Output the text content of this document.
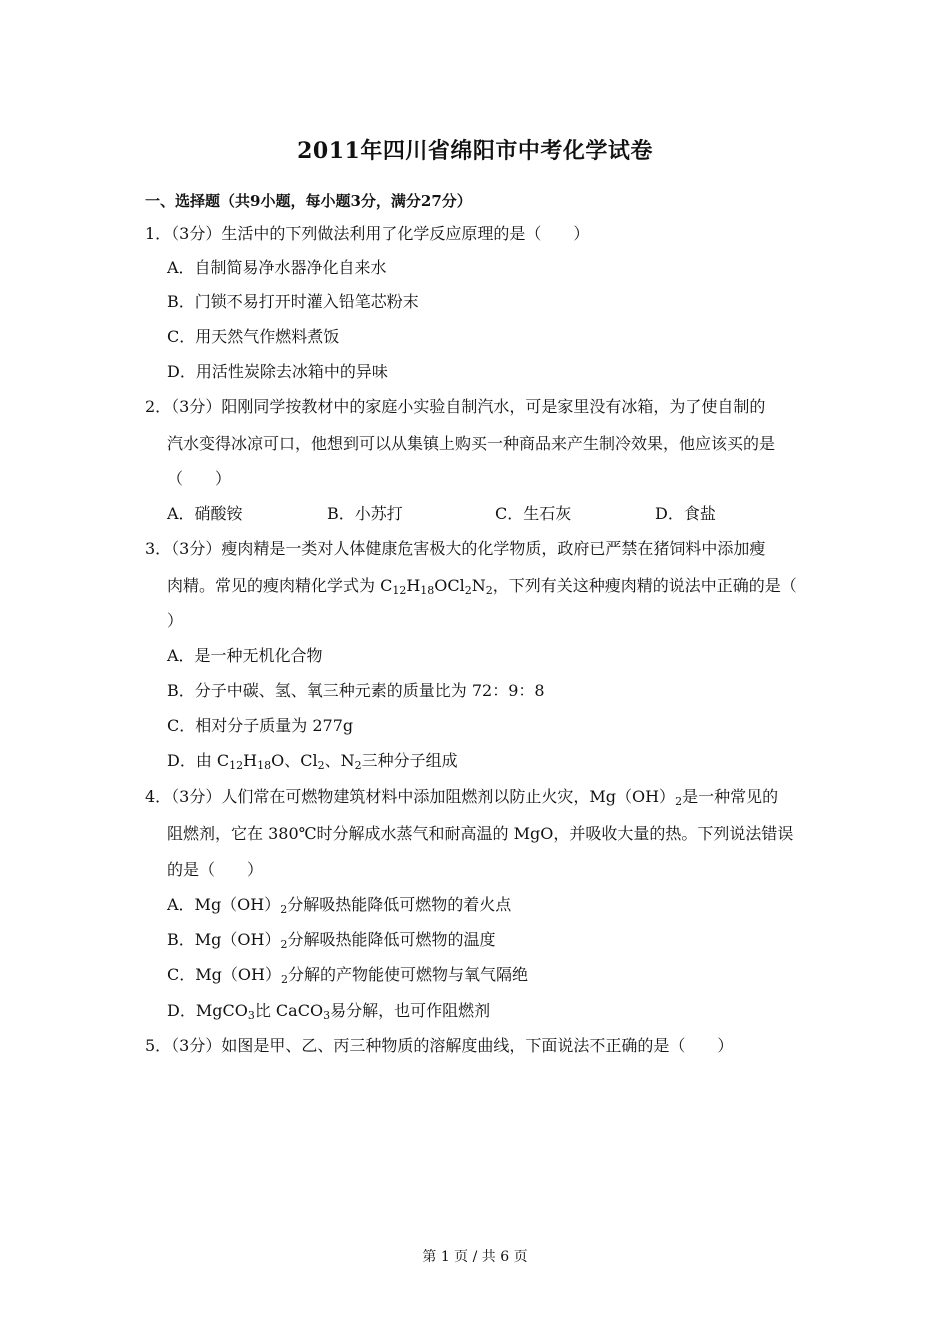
2011年四川省绵阳市中考化学试卷
一、选择题（共9小题，每小题3分，满分27分）
1．（3分）生活中的下列做法利用了化学反应原理的是（　　）
A．自制简易净水器净化自来水
B．门锁不易打开时灌入铅笔芯粉末
C．用天然气作燃料煮饭
D．用活性炭除去冰箱中的异味
2．（3分）阳刚同学按教材中的家庭小实验自制汽水，可是家里没有冰箱，为了使自制的
汽水变得冰凉可口，他想到可以从集镇上购买一种商品来产生制冷效果，他应该买的是
（　　）
A．硝酸铵	B．小苏打	C．生石灰	D．食盐
3．（3分）瘦肉精是一类对人体健康危害极大的化学物质，政府已严禁在猪饲料中添加瘦
肉精。常见的瘦肉精化学式为 $C_{12}H_{18}OCl_2N_2$，下列有关这种瘦肉精的说法中正确的是（
）
A．是一种无机化合物
B．分子中碳、氢、氧三种元素的质量比为 72：9：8
C．相对分子质量为 277g
D．由 $C_{12}H_{18}O$、$Cl_2$、$N_2$三种分子组成
4．（3分）人们常在可燃物建筑材料中添加阻燃剂以防止火灾，$Mg(OH)_2$是一种常见的
阻燃剂，它在 380℃时分解成水蒸气和耐高温的 MgO，并吸收大量的热。下列说法错误
的是（　　）
A．$Mg(OH)_2$分解吸热能降低可燃物的着火点
B．$Mg(OH)_2$分解吸热能降低可燃物的温度
C．$Mg(OH)_2$分解的产物能使可燃物与氧气隔绝
D．MgCO$_3$比 CaCO$_3$易分解，也可作阻燃剂
5．（3分）如图是甲、乙、丙三种物质的溶解度曲线，下面说法不正确的是（　　）
第 1 页 / 共 6 页
